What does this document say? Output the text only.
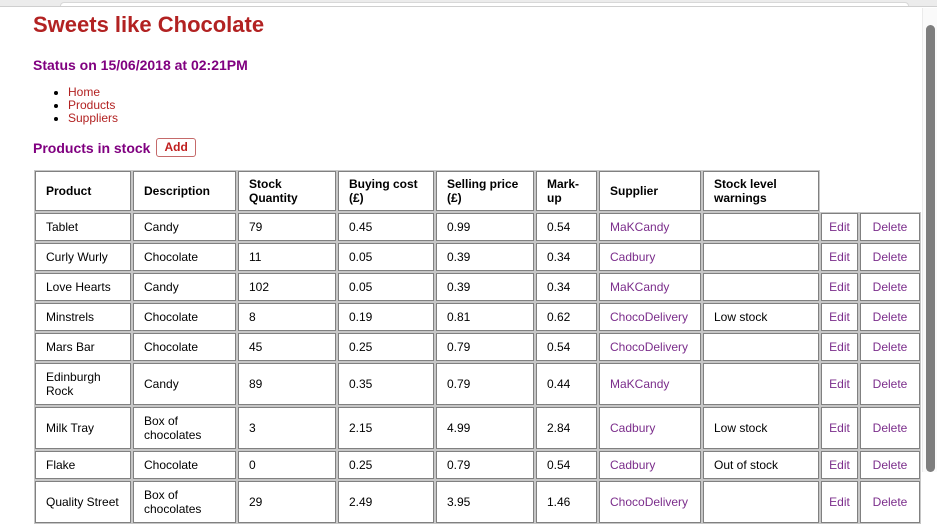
Sweets like Chocolate
Status on 15/06/2018 at 02:21PM
• Home
• Products
• Suppliers
Products in stock	Add
Product	Description	Stock Quantity	Buying cost (£)	Selling price (£)	Mark-up	Supplier	Stock level warnings		
Tablet	Candy	79	0.45	0.99	0.54	MaKCandy		Edit	Delete
Curly Wurly	Chocolate	11	0.05	0.39	0.34	Cadbury		Edit	Delete
Love Hearts	Candy	102	0.05	0.39	0.34	MaKCandy		Edit	Delete
Minstrels	Chocolate	8	0.19	0.81	0.62	ChocoDelivery	Low stock	Edit	Delete
Mars Bar	Chocolate	45	0.25	0.79	0.54	ChocoDelivery		Edit	Delete
Edinburgh Rock	Candy	89	0.35	0.79	0.44	MaKCandy		Edit	Delete
Milk Tray	Box of chocolates	3	2.15	4.99	2.84	Cadbury	Low stock	Edit	Delete
Flake	Chocolate	0	0.25	0.79	0.54	Cadbury	Out of stock	Edit	Delete
Quality Street	Box of chocolates	29	2.49	3.95	1.46	ChocoDelivery		Edit	Delete
